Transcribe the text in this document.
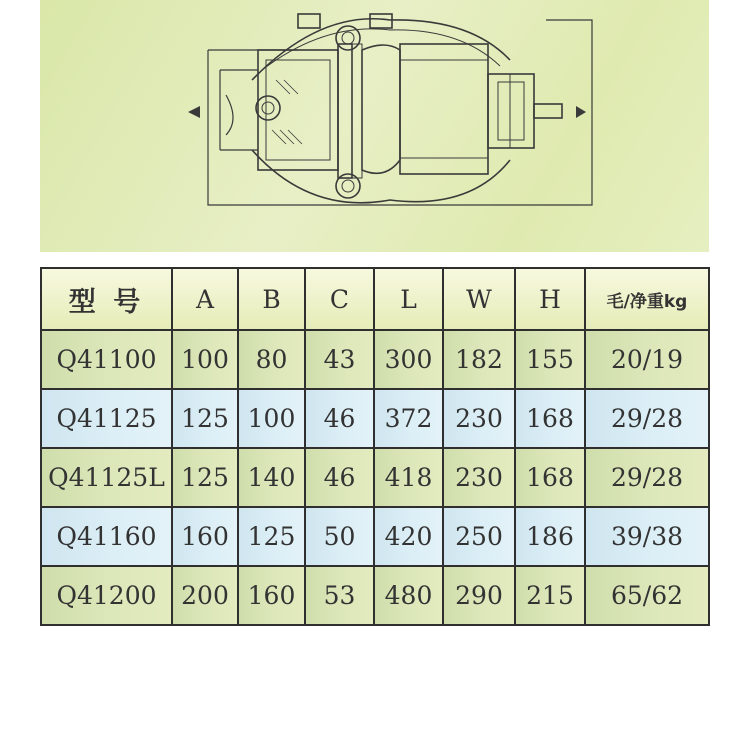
型 号	A	B	C	L	W	H	毛/净重kg
Q41100	100	80	43	300	182	155	20/19
Q41125	125	100	46	372	230	168	29/28
Q41125L	125	140	46	418	230	168	29/28
Q41160	160	125	50	420	250	186	39/38
Q41200	200	160	53	480	290	215	65/62
